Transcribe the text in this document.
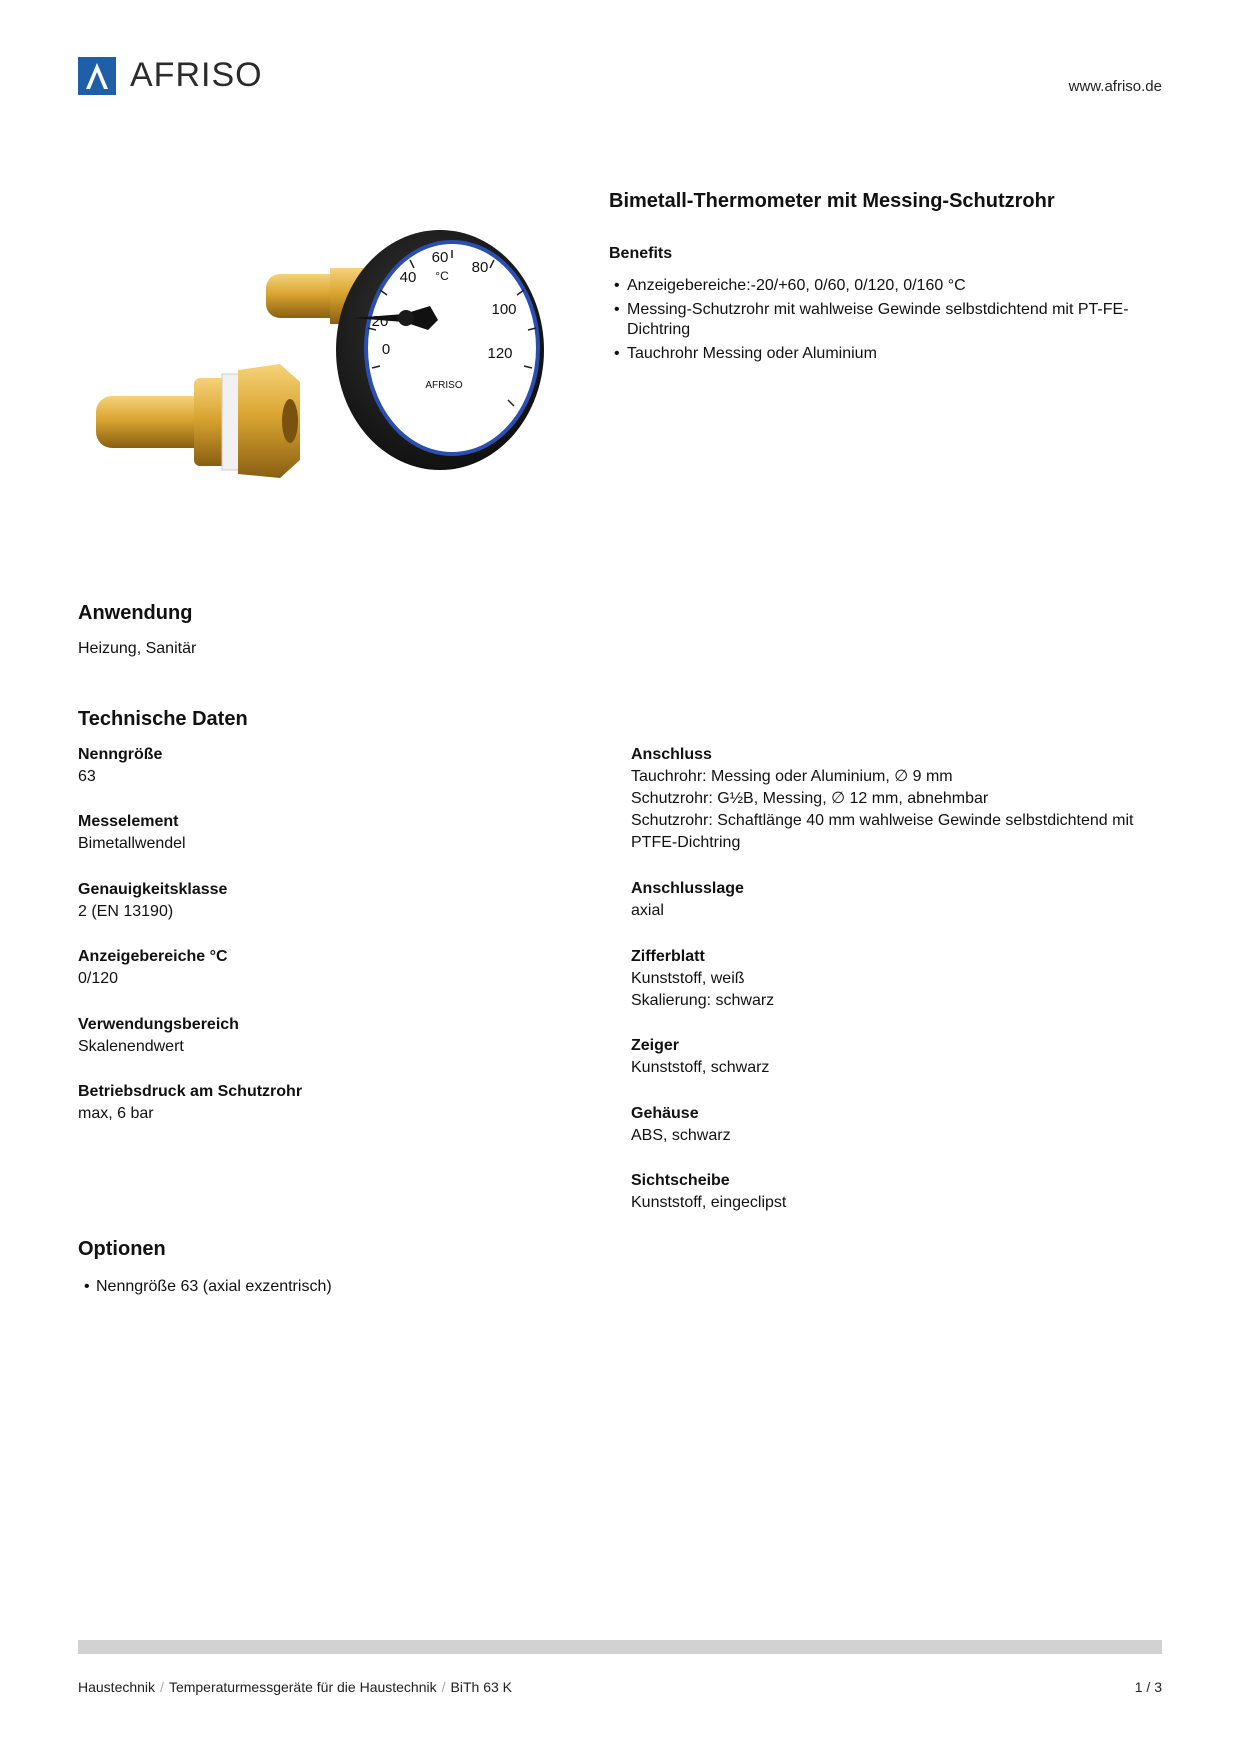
AFRISO	www.afriso.de
0
20
40
60
80
100
120
°C
AFRISO
Bimetall-Thermometer mit Messing-Schutzrohr
Benefits
• Anzeigebereiche:-20/+60, 0/60, 0/120, 0/160 °C
• Messing-Schutzrohr mit wahlweise Gewinde selbstdichtend mit PT-FE-Dichtring
• Tauchrohr Messing oder Aluminium
Anwendung
Heizung, Sanitär
Technische Daten
Nenngröße
63
Messelement
Bimetallwendel
Genauigkeitsklasse
2 (EN 13190)
Anzeigebereiche °C
0/120
Verwendungsbereich
Skalenendwert
Betriebsdruck am Schutzrohr
max, 6 bar
Anschluss
Tauchrohr: Messing oder Aluminium, ∅ 9 mm
Schutzrohr: G½B, Messing, ∅ 12 mm, abnehmbar
Schutzrohr: Schaftlänge 40 mm wahlweise Gewinde selbstdichtend mit
PTFE-Dichtring
Anschlusslage
axial
Zifferblatt
Kunststoff, weiß
Skalierung: schwarz
Zeiger
Kunststoff, schwarz
Gehäuse
ABS, schwarz
Sichtscheibe
Kunststoff, eingeclipst
Optionen
• Nenngröße 63 (axial exzentrisch)
Haustechnik / Temperaturmessgeräte für die Haustechnik / BiTh 63 K	1 / 3
